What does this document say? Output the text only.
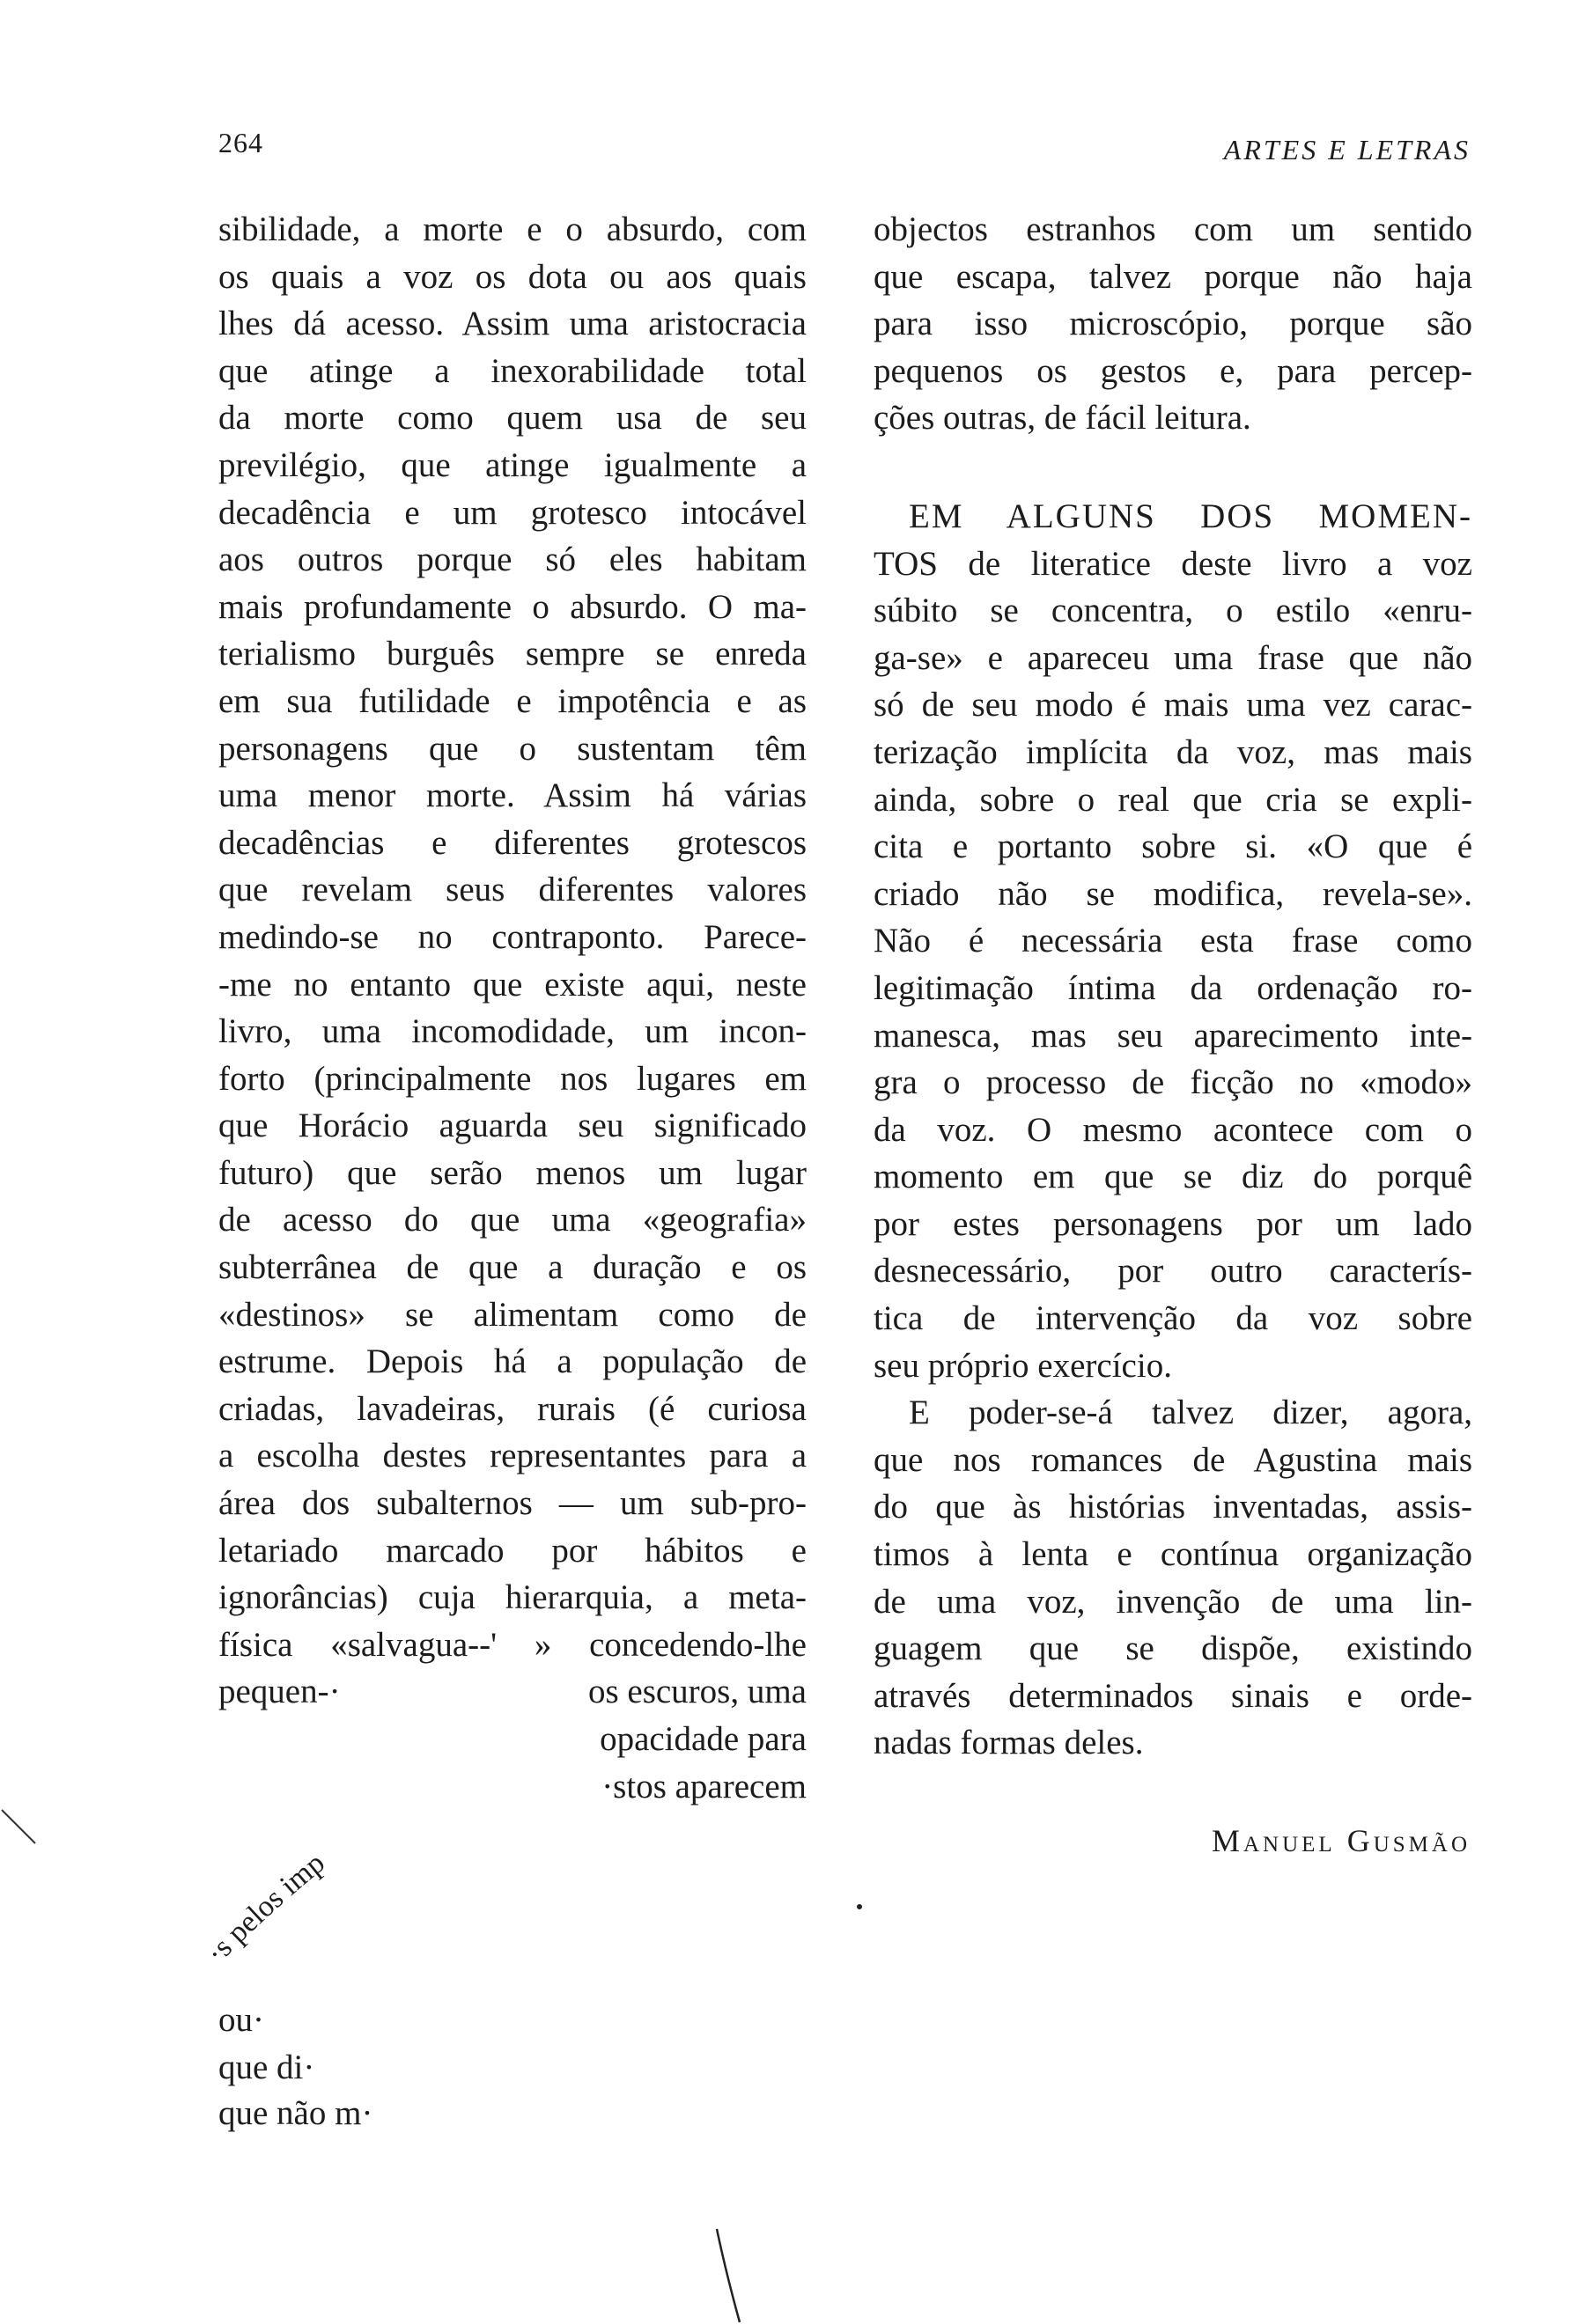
264	ARTES E LETRAS
sibilidade, a morte e o absurdo, com
os quais a voz os dota ou aos quais
lhes dá acesso. Assim uma aristocracia
que atinge a inexorabilidade total
da morte como quem usa de seu
previlégio, que atinge igualmente a
decadência e um grotesco intocável
aos outros porque só eles habitam
mais profundamente o absurdo. O ma-
terialismo burguês sempre se enreda
em sua futilidade e impotência e as
personagens que o sustentam têm
uma menor morte. Assim há várias
decadências e diferentes grotescos
que revelam seus diferentes valores
medindo-se no contraponto. Parece-
-me no entanto que existe aqui, neste
livro, uma incomodidade, um incon-
forto (principalmente nos lugares em
que Horácio aguarda seu significado
futuro) que serão menos um lugar
de acesso do que uma «geografia»
subterrânea de que a duração e os
«destinos» se alimentam como de
estrume. Depois há a população de
criadas, lavadeiras, rurais (é curiosa
a escolha destes representantes para a
área dos subalternos — um sub-pro-
letariado marcado por hábitos e
ignorâncias) cuja hierarquia, a meta-
física «salvagua‑‑' » concedendo-lhe
pequen‑·	os escuros, uma
opacidade para
·stos aparecem
objectos estranhos com um sentido
que escapa, talvez porque não haja
para isso microscópio, porque são
pequenos os gestos e, para percep-
ções outras, de fácil leitura.
EM ALGUNS DOS MOMEN-
TOS de literatice deste livro a voz
súbito se concentra, o estilo «enru-
ga-se» e apareceu uma frase que não
só de seu modo é mais uma vez carac-
terização implícita da voz, mas mais
ainda, sobre o real que cria se expli-
cita e portanto sobre si. «O que é
criado não se modifica, revela-se».
Não é necessária esta frase como
legitimação íntima da ordenação ro-
manesca, mas seu aparecimento inte-
gra o processo de ficção no «modo»
da voz. O mesmo acontece com o
momento em que se diz do porquê
por estes personagens por um lado
desnecessário, por outro caracterís-
tica de intervenção da voz sobre
seu próprio exercício.
E poder-se-á talvez dizer, agora,
que nos romances de Agustina mais
do que às histórias inventadas, assis-
timos à lenta e contínua organização
de uma voz, invenção de uma lin-
guagem que se dispõe, existindo
através determinados sinais e orde-
nadas formas deles.
Manuel Gusmão
·s pelos impos-
ou·
que di·
que não m·
